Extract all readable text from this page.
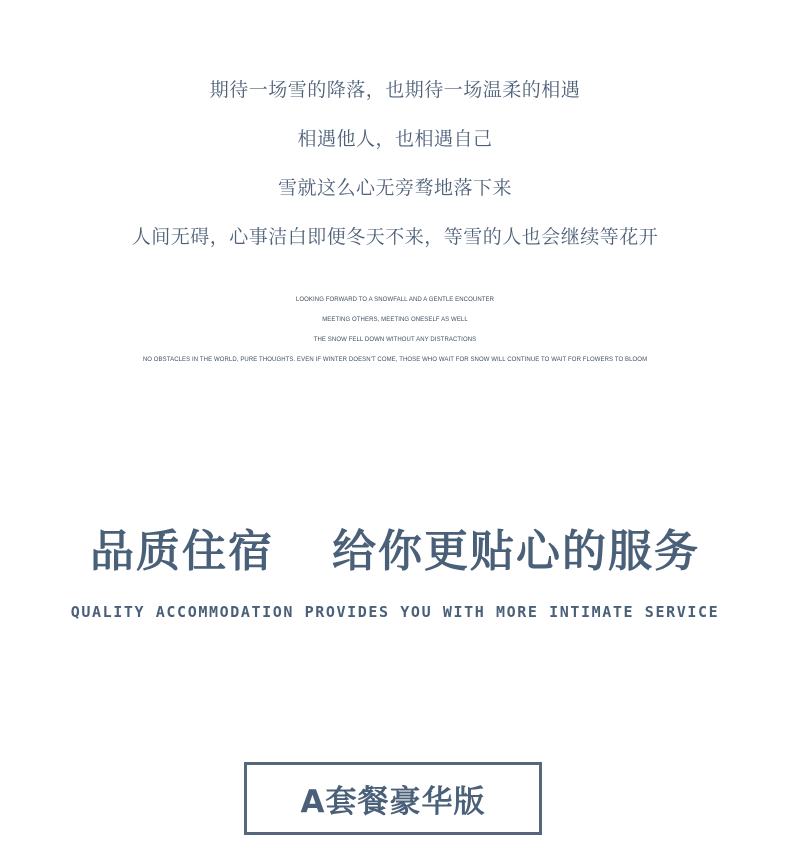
期待一场雪的降落，也期待一场温柔的相遇
相遇他人，也相遇自己
雪就这么心无旁骛地落下来
人间无碍，心事洁白即便冬天不来，等雪的人也会继续等花开
LOOKING FORWARD TO A SNOWFALL AND A GENTLE ENCOUNTER
MEETING OTHERS, MEETING ONESELF AS WELL
THE SNOW FELL DOWN WITHOUT ANY DISTRACTIONS
NO OBSTACLES IN THE WORLD, PURE THOUGHTS. EVEN IF WINTER DOESN'T COME, THOSE WHO WAIT FOR SNOW WILL CONTINUE TO WAIT FOR FLOWERS TO BLOOM
品质住宿 给你更贴心的服务
QUALITY ACCOMMODATION PROVIDES YOU WITH MORE INTIMATE SERVICE
A套餐豪华版
